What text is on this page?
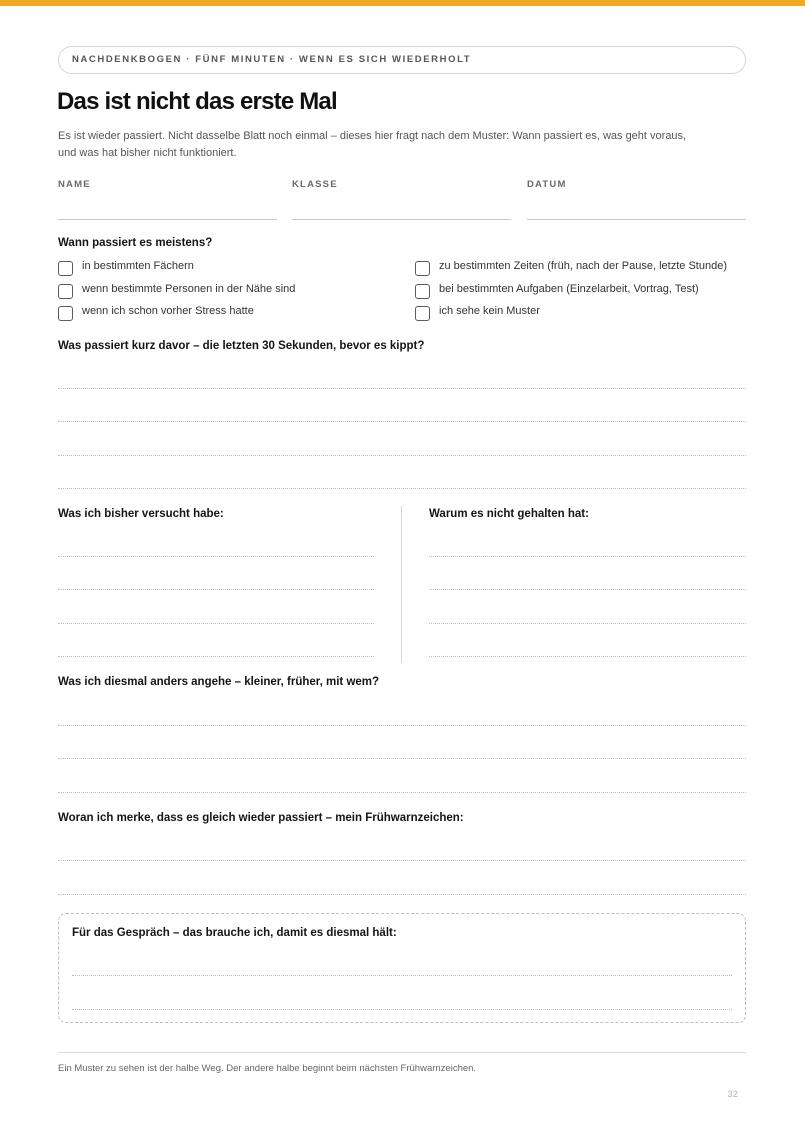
NACHDENKBOGEN · FÜNF MINUTEN · WENN ES SICH WIEDERHOLT
Das ist nicht das erste Mal
Es ist wieder passiert. Nicht dasselbe Blatt noch einmal – dieses hier fragt nach dem Muster: Wann passiert es, was geht voraus,
und was hat bisher nicht funktioniert.
NAME	KLASSE	DATUM
Wann passiert es meistens?
in bestimmten Fächern
wenn bestimmte Personen in der Nähe sind
wenn ich schon vorher Stress hatte
zu bestimmten Zeiten (früh, nach der Pause, letzte Stunde)
bei bestimmten Aufgaben (Einzelarbeit, Vortrag, Test)
ich sehe kein Muster
Was passiert kurz davor – die letzten 30 Sekunden, bevor es kippt?
Was ich bisher versucht habe:	Warum es nicht gehalten hat:
Was ich diesmal anders angehe – kleiner, früher, mit wem?
Woran ich merke, dass es gleich wieder passiert – mein Frühwarnzeichen:
Für das Gespräch – das brauche ich, damit es diesmal hält:
Ein Muster zu sehen ist der halbe Weg. Der andere halbe beginnt beim nächsten Frühwarnzeichen.
32
